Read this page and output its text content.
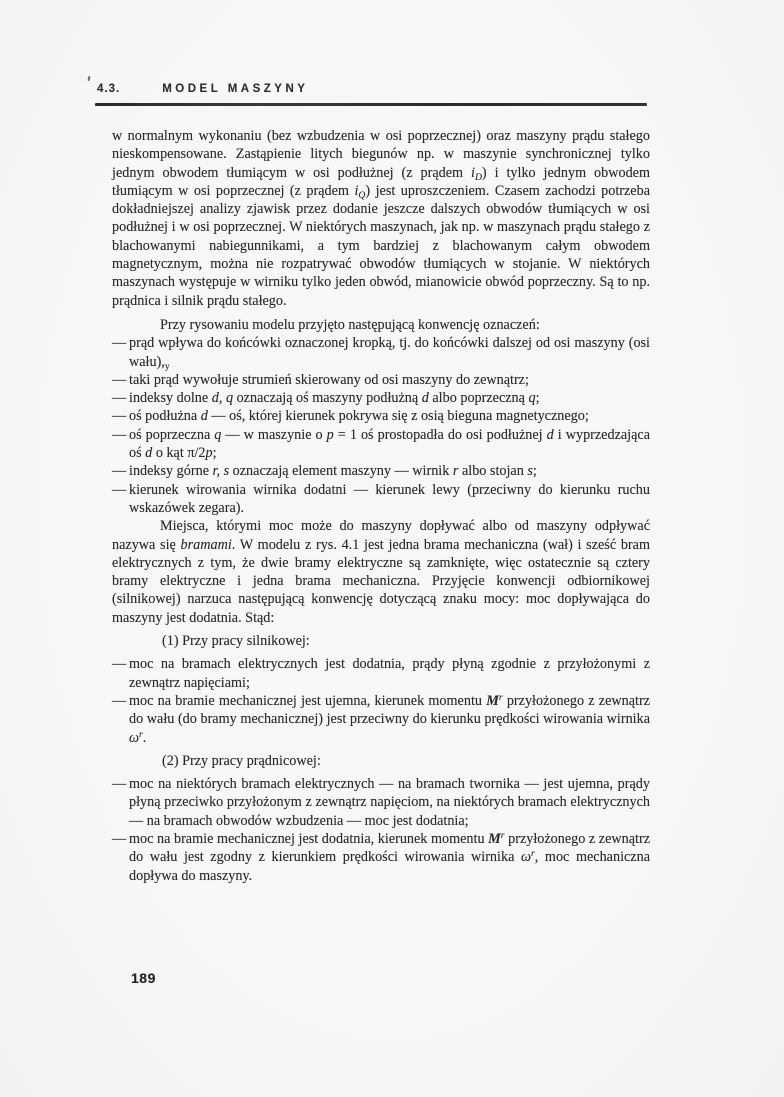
4.3.	MODEL MASZYNY

w normalnym wykonaniu (bez wzbudzenia w osi poprzecznej) oraz maszyny prądu stałego nieskompensowane. Zastąpienie litych biegunów np. w maszynie synchronicznej tylko jednym obwodem tłumiącym w osi podłużnej (z prądem $i_D$) i tylko jednym obwodem tłumiącym w osi poprzecznej (z prądem $i_Q$) jest uproszczeniem. Czasem zachodzi potrzeba dokładniejszej analizy zjawisk przez dodanie jeszcze dalszych obwodów tłumiących w osi podłużnej i w osi poprzecznej. W niektórych maszynach, jak np. w maszynach prądu stałego z blachowanymi nabiegunnikami, a tym bardziej z blachowanym całym obwodem magnetycznym, można nie rozpatrywać obwodów tłumiących w stojanie. W niektórych maszynach występuje w wirniku tylko jeden obwód, mianowicie obwód poprzeczny. Są to np. prądnica i silnik prądu stałego.

Przy rysowaniu modelu przyjęto następującą konwencję oznaczeń:

— prąd wpływa do końcówki oznaczonej kropką, tj. do końcówki dalszej od osi maszyny (osi $wału),_y$
— taki prąd wywołuje strumień skierowany od osi maszyny do zewnątrz;
— indeksy dolne d, q oznaczają oś maszyny podłużną d albo poprzeczną q;
— oś podłużna d — oś, której kierunek pokrywa się z osią bieguna magnetycznego;
— oś poprzeczna q — w maszynie o p = 1 oś prostopadła do osi podłużnej d i wyprzedzająca oś d o kąt π/2p;
— indeksy górne r, s oznaczają element maszyny — wirnik r albo stojan s;
— kierunek wirowania wirnika dodatni — kierunek lewy (przeciwny do kierunku ruchu wskazówek zegara).

Miejsca, którymi moc może do maszyny dopływać albo od maszyny odpływać nazywa się bramami. W modelu z rys. 4.1 jest jedna brama mechaniczna (wał) i sześć bram elektrycznych z tym, że dwie bramy elektryczne są zamknięte, więc ostatecznie są cztery bramy elektryczne i jedna brama mechaniczna. Przyjęcie konwencji odbiornikowej (silnikowej) narzuca następującą konwencję dotyczącą znaku mocy: moc dopływająca do maszyny jest dodatnia. Stąd:

(1) Przy pracy silnikowej:

— moc na bramach elektrycznych jest dodatnia, prądy płyną zgodnie z przyłożonymi z zewnątrz napięciami;
— moc na bramie mechanicznej jest ujemna, kierunek momentu $M^r$ przyłożonego z zewnątrz do wału (do bramy mechanicznej) jest przeciwny do kierunku prędkości wirowania wirnika $\omega^r$.

(2) Przy pracy prądnicowej:

— moc na niektórych bramach elektrycznych — na bramach twornika — jest ujemna, prądy płyną przeciwko przyłożonym z zewnątrz napięciom, na niektórych bramach elektrycznych — na bramach obwodów wzbudzenia — moc jest dodatnia;
— moc na bramie mechanicznej jest dodatnia, kierunek momentu $M^r$ przyłożonego z zewnątrz do wału jest zgodny z kierunkiem prędkości wirowania wirnika $\omega^r$, moc mechaniczna dopływa do maszyny.
189
